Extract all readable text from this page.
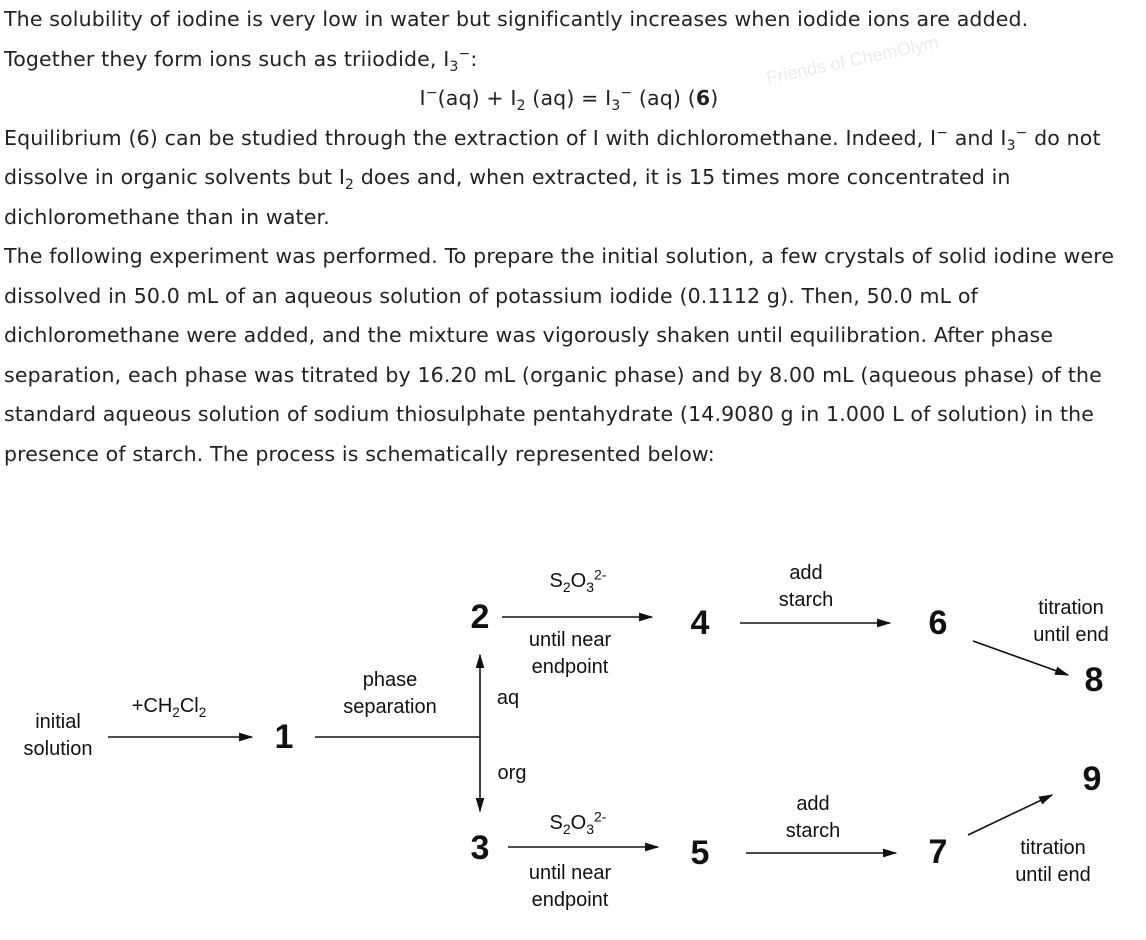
Friends of ChemOlym

The solubility of iodine is very low in water but significantly increases when iodide ions are added.

Together they form ions such as triiodide, $I_3^-$:

$I^-(aq) + I_2$ $(aq) = I_3^-$ (aq) (6)

Equilibrium (6) can be studied through the extraction of I with dichloromethane. Indeed, I− and $I_3^-$ do not dissolve in organic solvents but $I_2$ does and, when extracted, it is 15 times more concentrated in dichloromethane than in water.

The following experiment was performed. To prepare the initial solution, a few crystals of solid iodine were dissolved in 50.0 mL of an aqueous solution of potassium iodide (0.1112 g). Then, 50.0 mL of dichloromethane were added, and the mixture was vigorously shaken until equilibration. After phase separation, each phase was titrated by 16.20 mL (organic phase) and by 8.00 mL (aqueous phase) of the standard aqueous solution of sodium thiosulphate pentahydrate (14.9080 g in 1.000 L of solution) in the presence of starch. The process is schematically represented below:

initial
solution
$+CH_2Cl_2$
phase
separation	aq
org
$S_2O_3^{2-}$
until near
endpoint
add
starch	titration
until end
$S_2O_3^{2-}$
until near
endpoint
add
starch
titration
until end
1
2
3
4
5
6
7
8
9
